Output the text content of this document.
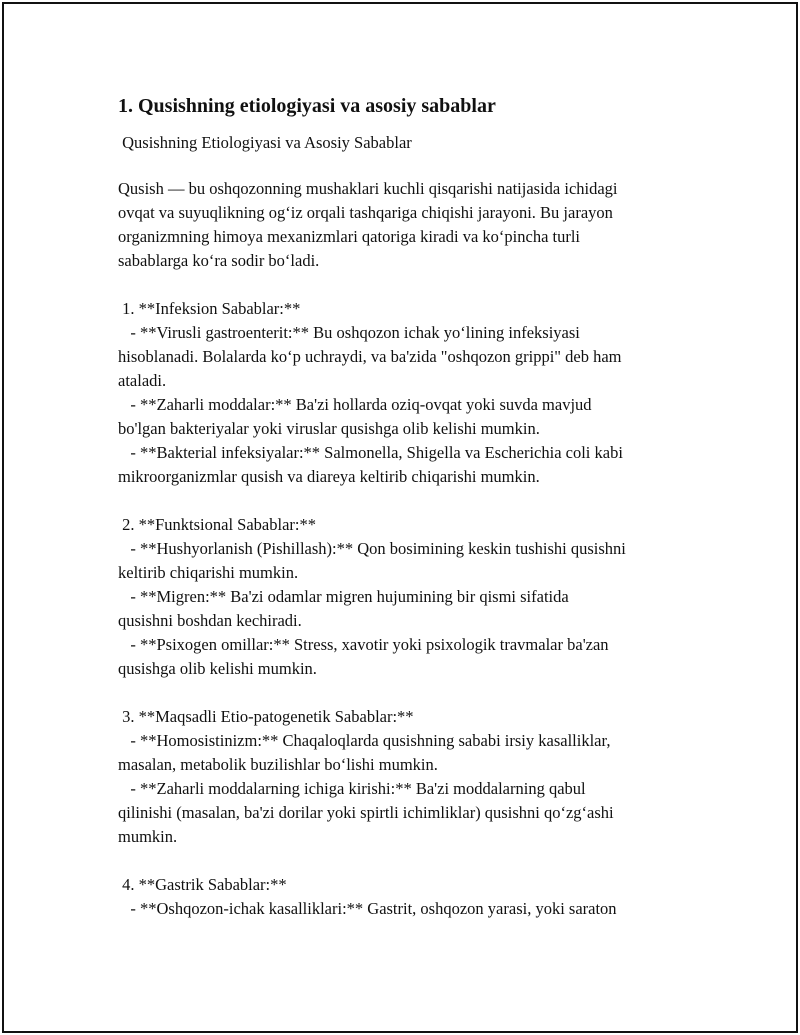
1. Qusishning etiologiyasi va asosiy sabablar
Qusishning Etiologiyasi va Asosiy Sabablar
Qusish — bu oshqozonning mushaklari kuchli qisqarishi natijasida ichidagi
ovqat va suyuqlikning og‘iz orqali tashqariga chiqishi jarayoni. Bu jarayon
organizmning himoya mexanizmlari qatoriga kiradi va ko‘pincha turli
sabablarga ko‘ra sodir bo‘ladi.
1. **Infeksion Sabablar:**
- **Virusli gastroenterit:** Bu oshqozon ichak yo‘lining infeksiyasi
hisoblanadi. Bolalarda ko‘p uchraydi, va ba'zida "oshqozon grippi" deb ham
ataladi.
- **Zaharli moddalar:** Ba'zi hollarda oziq-ovqat yoki suvda mavjud
bo'lgan bakteriyalar yoki viruslar qusishga olib kelishi mumkin.
- **Bakterial infeksiyalar:** Salmonella, Shigella va Escherichia coli kabi
mikroorganizmlar qusish va diareya keltirib chiqarishi mumkin.
2. **Funktsional Sabablar:**
- **Hushyorlanish (Pishillash):** Qon bosimining keskin tushishi qusishni
keltirib chiqarishi mumkin.
- **Migren:** Ba'zi odamlar migren hujumining bir qismi sifatida
qusishni boshdan kechiradi.
- **Psixogen omillar:** Stress, xavotir yoki psixologik travmalar ba'zan
qusishga olib kelishi mumkin.
3. **Maqsadli Etio-patogenetik Sabablar:**
- **Homosistinizm:** Chaqaloqlarda qusishning sababi irsiy kasalliklar,
masalan, metabolik buzilishlar bo‘lishi mumkin.
- **Zaharli moddalarning ichiga kirishi:** Ba'zi moddalarning qabul
qilinishi (masalan, ba'zi dorilar yoki spirtli ichimliklar) qusishni qo‘zg‘ashi
mumkin.
4. **Gastrik Sabablar:**
- **Oshqozon-ichak kasalliklari:** Gastrit, oshqozon yarasi, yoki saraton
